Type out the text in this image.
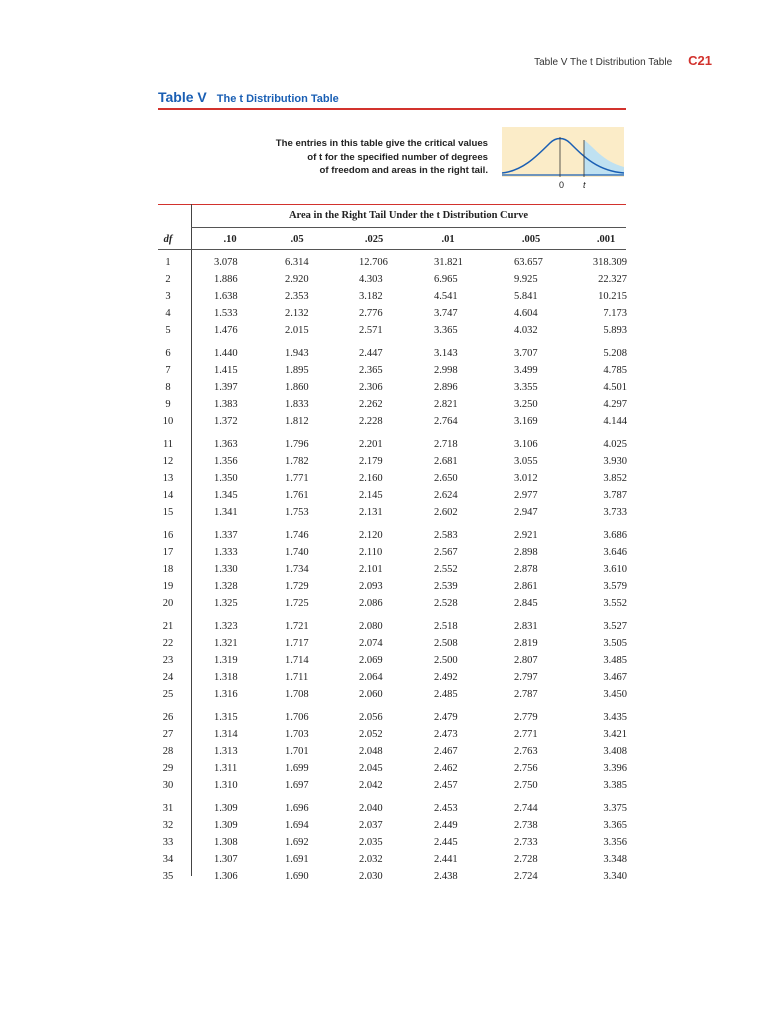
Table V The t Distribution Table C21
Table V The t Distribution Table
The entries in this table give the critical values
of t for the specified number of degrees
of freedom and areas in the right tail.
0 t
Area in the Right Tail Under the t Distribution Curve
df	.10	.05	.025	.01	.005	.001
1	3.078	6.314	12.706	31.821	63.657	318.309
2	1.886	2.920	4.303	6.965	9.925	22.327
3	1.638	2.353	3.182	4.541	5.841	10.215
4	1.533	2.132	2.776	3.747	4.604	7.173
5	1.476	2.015	2.571	3.365	4.032	5.893
6	1.440	1.943	2.447	3.143	3.707	5.208
7	1.415	1.895	2.365	2.998	3.499	4.785
8	1.397	1.860	2.306	2.896	3.355	4.501
9	1.383	1.833	2.262	2.821	3.250	4.297
10	1.372	1.812	2.228	2.764	3.169	4.144
11	1.363	1.796	2.201	2.718	3.106	4.025
12	1.356	1.782	2.179	2.681	3.055	3.930
13	1.350	1.771	2.160	2.650	3.012	3.852
14	1.345	1.761	2.145	2.624	2.977	3.787
15	1.341	1.753	2.131	2.602	2.947	3.733
16	1.337	1.746	2.120	2.583	2.921	3.686
17	1.333	1.740	2.110	2.567	2.898	3.646
18	1.330	1.734	2.101	2.552	2.878	3.610
19	1.328	1.729	2.093	2.539	2.861	3.579
20	1.325	1.725	2.086	2.528	2.845	3.552
21	1.323	1.721	2.080	2.518	2.831	3.527
22	1.321	1.717	2.074	2.508	2.819	3.505
23	1.319	1.714	2.069	2.500	2.807	3.485
24	1.318	1.711	2.064	2.492	2.797	3.467
25	1.316	1.708	2.060	2.485	2.787	3.450
26	1.315	1.706	2.056	2.479	2.779	3.435
27	1.314	1.703	2.052	2.473	2.771	3.421
28	1.313	1.701	2.048	2.467	2.763	3.408
29	1.311	1.699	2.045	2.462	2.756	3.396
30	1.310	1.697	2.042	2.457	2.750	3.385
31	1.309	1.696	2.040	2.453	2.744	3.375
32	1.309	1.694	2.037	2.449	2.738	3.365
33	1.308	1.692	2.035	2.445	2.733	3.356
34	1.307	1.691	2.032	2.441	2.728	3.348
35	1.306	1.690	2.030	2.438	2.724	3.340
